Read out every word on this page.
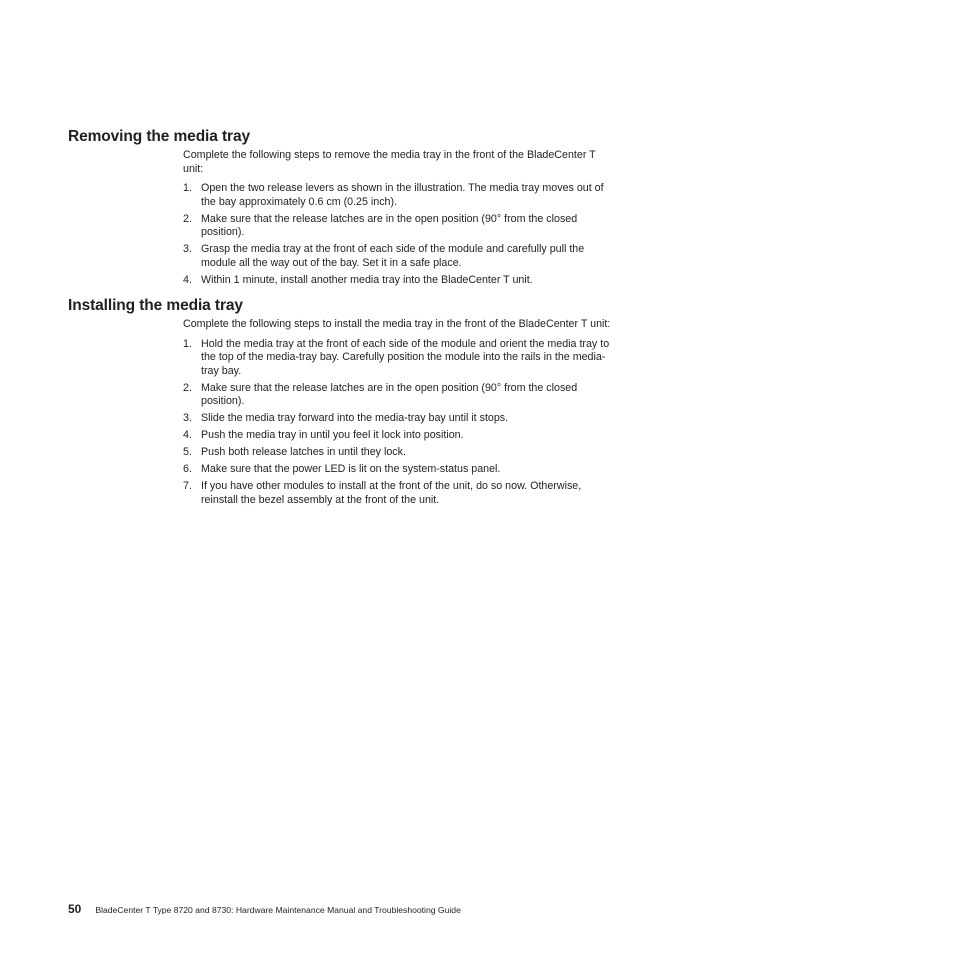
Removing the media tray

Complete the following steps to remove the media tray in the front of the BladeCenter T unit:

1. Open the two release levers as shown in the illustration. The media tray moves out of the bay approximately 0.6 cm (0.25 inch).
2. Make sure that the release latches are in the open position (90° from the closed position).
3. Grasp the media tray at the front of each side of the module and carefully pull the module all the way out of the bay. Set it in a safe place.
4. Within 1 minute, install another media tray into the BladeCenter T unit.
Installing the media tray

Complete the following steps to install the media tray in the front of the BladeCenter T unit:

1. Hold the media tray at the front of each side of the module and orient the media tray to the top of the media-tray bay. Carefully position the module into the rails in the media-tray bay.
2. Make sure that the release latches are in the open position (90° from the closed position).
3. Slide the media tray forward into the media-tray bay until it stops.
4. Push the media tray in until you feel it lock into position.
5. Push both release latches in until they lock.
6. Make sure that the power LED is lit on the system-status panel.
7. If you have other modules to install at the front of the unit, do so now. Otherwise, reinstall the bezel assembly at the front of the unit.
50 BladeCenter T Type 8720 and 8730: Hardware Maintenance Manual and Troubleshooting Guide
